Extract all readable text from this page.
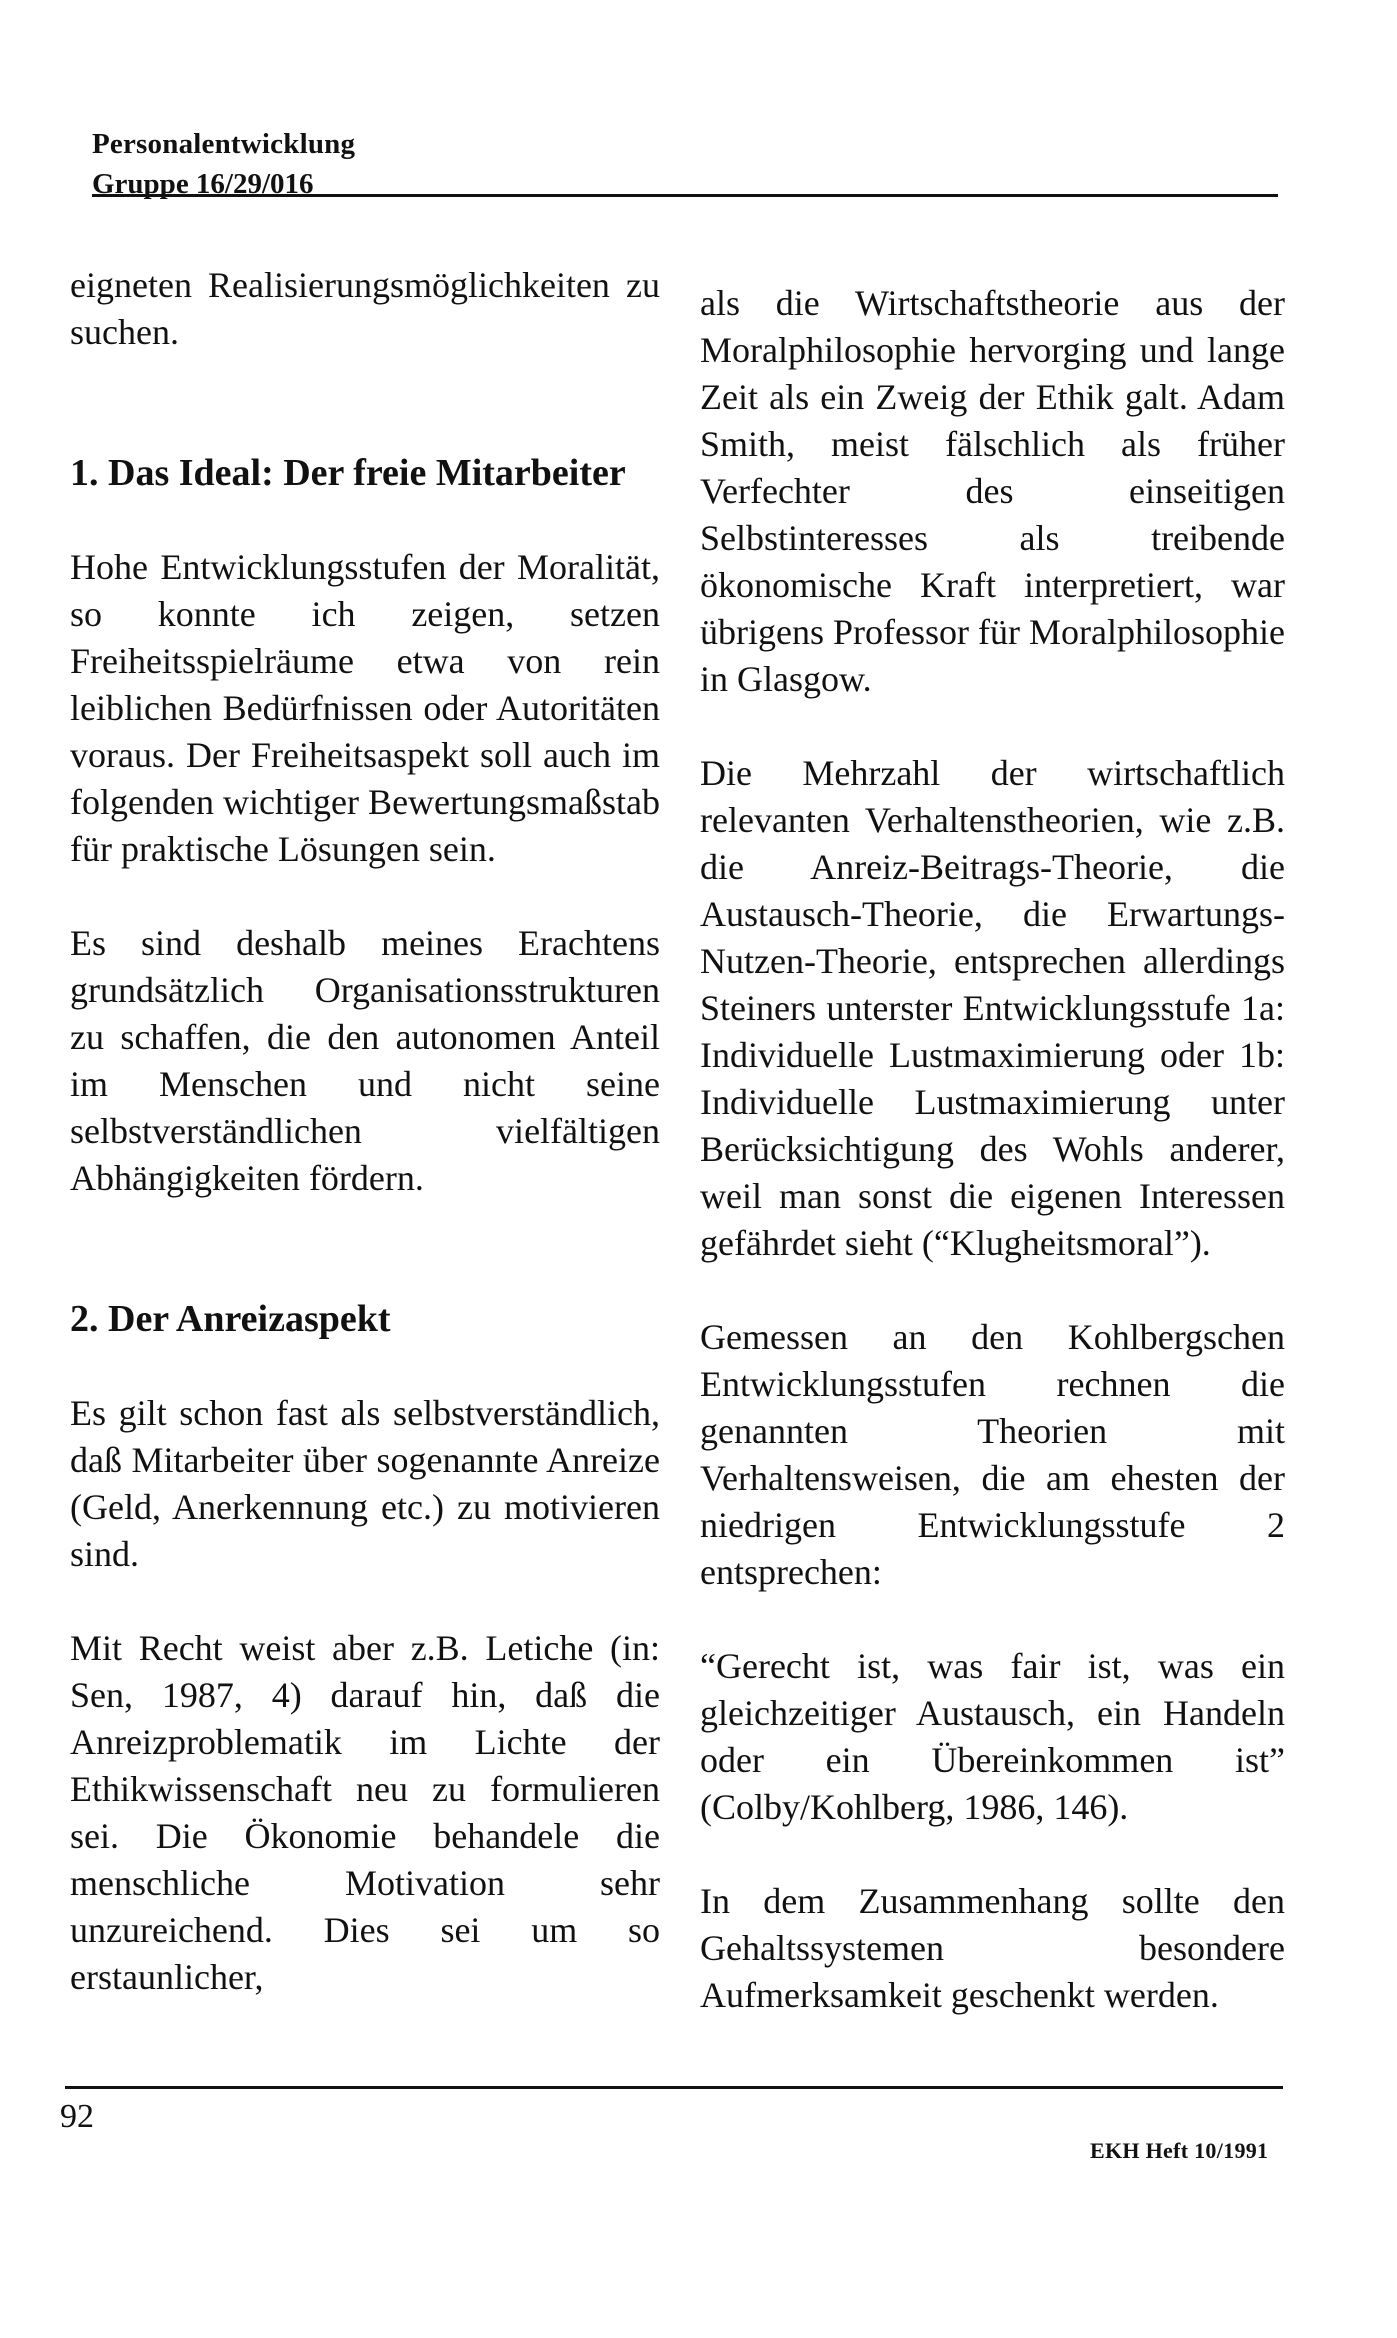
Personalentwicklung
Gruppe 16/29/016

eigneten Realisierungsmöglichkeiten zu suchen.

1. Das Ideal: Der freie Mitarbeiter

Hohe Entwicklungsstufen der Moralität, so konnte ich zeigen, setzen Freiheitsspielräume etwa von rein leiblichen Bedürfnissen oder Autoritäten voraus. Der Freiheitsaspekt soll auch im folgenden wichtiger Bewertungsmaßstab für praktische Lösungen sein.

Es sind deshalb meines Erachtens grundsätzlich Organisationsstrukturen zu schaffen, die den autonomen Anteil im Menschen und nicht seine selbstverständlichen vielfältigen Abhängigkeiten fördern.

2. Der Anreizaspekt

Es gilt schon fast als selbstverständlich, daß Mitarbeiter über sogenannte Anreize (Geld, Anerkennung etc.) zu motivieren sind.

Mit Recht weist aber z.B. Letiche (in: Sen, 1987, 4) darauf hin, daß die Anreizproblematik im Lichte der Ethikwissenschaft neu zu formulieren sei. Die Ökonomie behandele die menschliche Motivation sehr unzureichend. Dies sei um so erstaunlicher,

als die Wirtschaftstheorie aus der Moralphilosophie hervorging und lange Zeit als ein Zweig der Ethik galt. Adam Smith, meist fälschlich als früher Verfechter des einseitigen Selbstinteresses als treibende ökonomische Kraft interpretiert, war übrigens Professor für Moralphilosophie in Glasgow.

Die Mehrzahl der wirtschaftlich relevanten Verhaltenstheorien, wie z.B. die Anreiz-Beitrags-Theorie, die Austausch-Theorie, die Erwartungs-Nutzen-Theorie, entsprechen allerdings Steiners unterster Entwicklungsstufe 1a: Individuelle Lustmaximierung oder 1b: Individuelle Lustmaximierung unter Berücksichtigung des Wohls anderer, weil man sonst die eigenen Interessen gefährdet sieht (“Klugheitsmoral”).

Gemessen an den Kohlbergschen Entwicklungsstufen rechnen die genannten Theorien mit Verhaltensweisen, die am ehesten der niedrigen Entwicklungsstufe 2 entsprechen:

“Gerecht ist, was fair ist, was ein gleichzeitiger Austausch, ein Handeln oder ein Übereinkommen ist” (Colby/Kohlberg, 1986, 146).

In dem Zusammenhang sollte den Gehaltssystemen besondere Aufmerksamkeit geschenkt werden.

92
EKH Heft 10/1991
